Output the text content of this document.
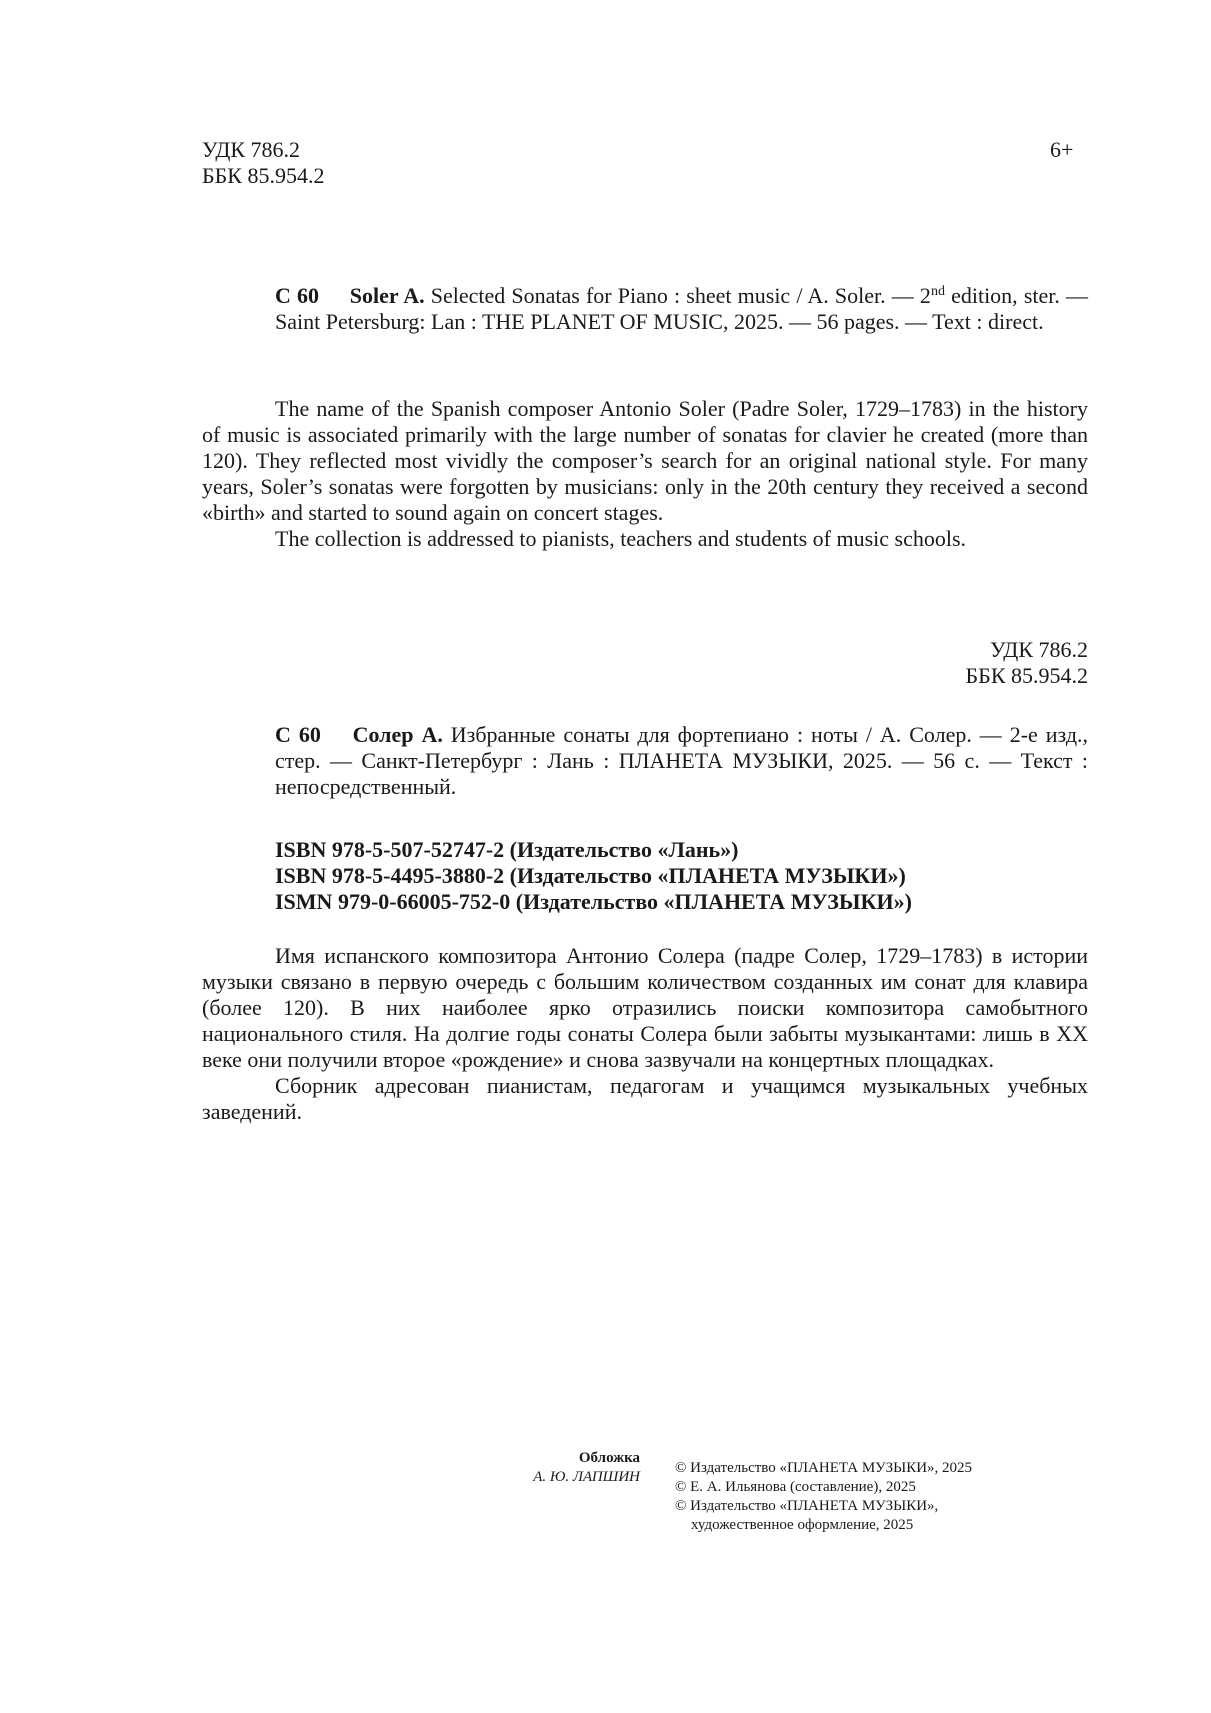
УДК 786.2

ББК 85.954.2

6+

С 60 Soler A. Selected Sonatas for Piano : sheet music / A. Soler. — 2nd edition, ster. — Saint Petersburg: Lan : THE PLANET OF MUSIC, 2025. — 56 pages. — Text : direct.

The name of the Spanish composer Antonio Soler (Padre Soler, 1729–1783) in the history of music is associated primarily with the large number of sonatas for clavier he created (more than 120). They reflected most vividly the composer’s search for an original national style. For many years, Soler’s sonatas were forgotten by musicians: only in the 20th century they received a second «birth» and started to sound again on concert stages.

The collection is addressed to pianists, teachers and students of music schools.

УДК 786.2

ББК 85.954.2

С 60 Солер А. Избранные сонаты для фортепиано : ноты / А. Солер. — 2-е изд., стер. — Санкт-Петербург : Лань : ПЛАНЕТА МУЗЫКИ, 2025. — 56 с. — Текст : непосредственный.

ISBN 978-5-507-52747-2 (Издательство «Лань»)

ISBN 978-5-4495-3880-2 (Издательство «ПЛАНЕТА МУЗЫКИ»)

ISMN 979-0-66005-752-0 (Издательство «ПЛАНЕТА МУЗЫКИ»)

Имя испанского композитора Антонио Солера (падре Солер, 1729–1783) в истории музыки связано в первую очередь с большим количеством созданных им сонат для клавира (более 120). В них наиболее ярко отразились поиски композитора самобытного национального стиля. На долгие годы сонаты Солера были забыты музыкантами: лишь в XX веке они получили второе «рождение» и снова зазвучали на концертных площадках.

Сборник адресован пианистам, педагогам и учащимся музыкальных учебных заведений.

Обложка

А. Ю. ЛАПШИН

© Издательство «ПЛАНЕТА МУЗЫКИ», 2025

© Е. А. Ильянова (составление), 2025

© Издательство «ПЛАНЕТА МУЗЫКИ»,

художественное оформление, 2025
